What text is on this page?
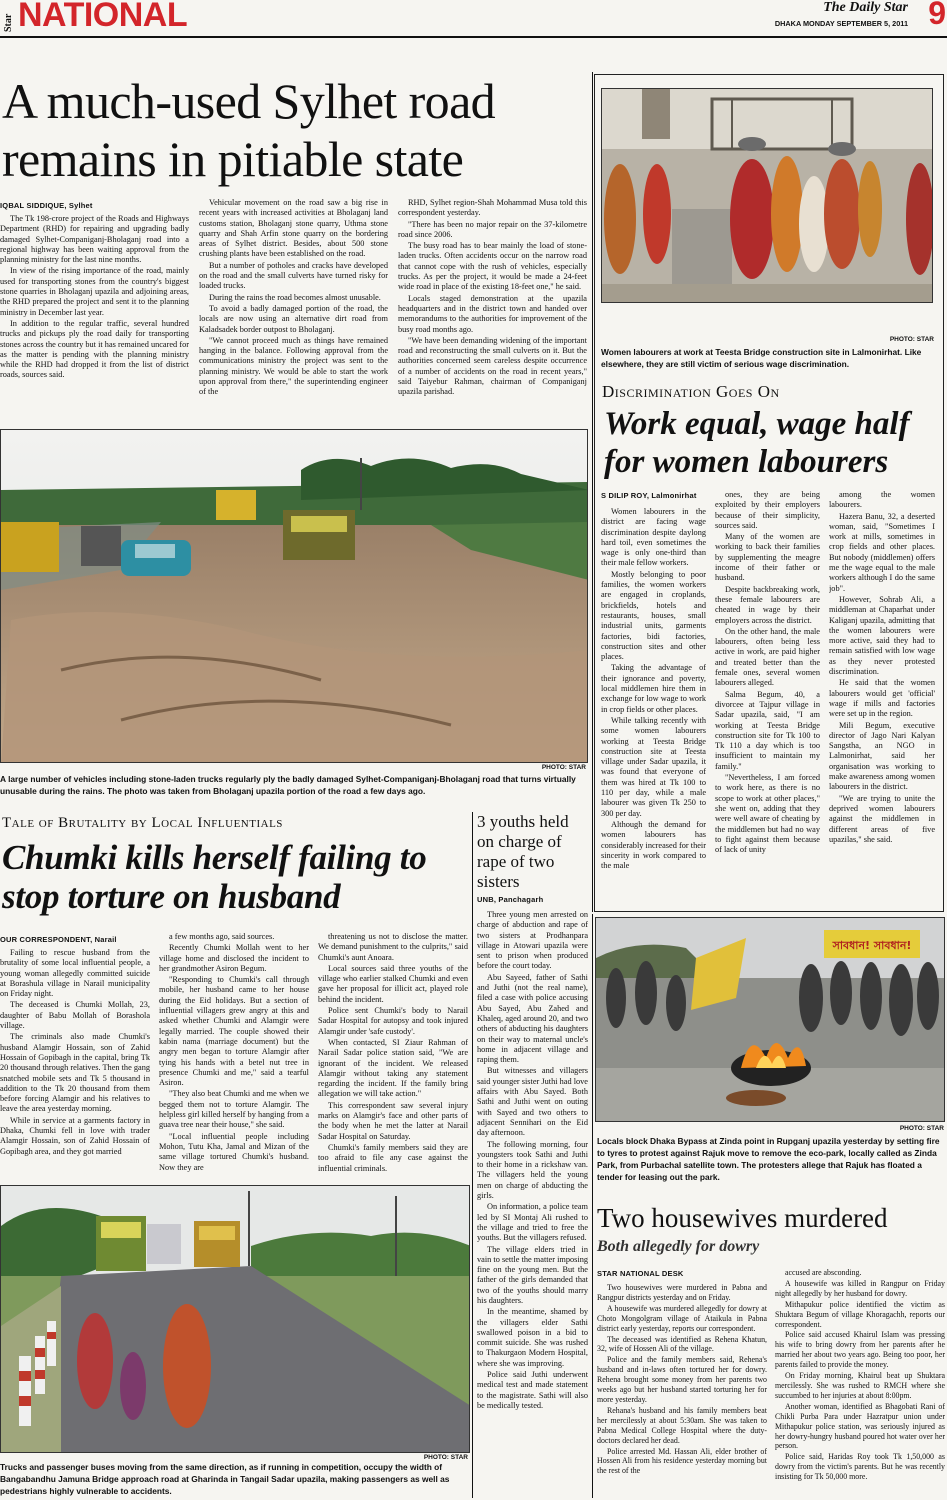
Star NATIONAL	The Daily Star
DHAKA MONDAY SEPTEMBER 5, 2011 9
A much-used Sylhet road remains in pitiable state
IQBAL SIDDIQUE, Sylhet

The Tk 198-crore project of the Roads and Highways Department (RHD) for repairing and upgrading badly damaged Sylhet-Companiganj-Bholaganj road into a regional highway has been waiting approval from the planning ministry for the last nine months.

In view of the rising importance of the road, mainly used for transporting stones from the country's biggest stone quarries in Bholaganj upazila and adjoining areas, the RHD prepared the project and sent it to the planning ministry in December last year.

In addition to the regular traffic, several hundred trucks and pickups ply the road daily for transporting stones across the country but it has remained uncared for as the matter is pending with the planning ministry while the RHD had dropped it from the list of district roads, sources said.

Vehicular movement on the road saw a big rise in recent years with increased activities at Bholaganj land customs station, Bholaganj stone quarry, Uthma stone quarry and Shah Arfin stone quarry on the bordering areas of Sylhet district. Besides, about 500 stone crushing plants have been established on the road.

But a number of potholes and cracks have developed on the road and the small culverts have turned risky for loaded trucks.

During the rains the road becomes almost unusable.

To avoid a badly damaged portion of the road, the locals are now using an alternative dirt road from Kaladsadek border outpost to Bholaganj.

"We cannot proceed much as things have remained hanging in the balance. Following approval from the communications ministry the project was sent to the planning ministry. We would be able to start the work upon approval from there," the superintending engineer of the

RHD, Sylhet region-Shah Mohammad Musa told this correspondent yesterday.

"There has been no major repair on the 37-kilometre road since 2006.

The busy road has to bear mainly the load of stone-laden trucks. Often accidents occur on the narrow road that cannot cope with the rush of vehicles, especially trucks. As per the project, it would be made a 24-feet wide road in place of the existing 18-feet one," he said.

Locals staged demonstration at the upazila headquarters and in the district town and handed over memorandums to the authorities for improvement of the busy road months ago.

"We have been demanding widening of the important road and reconstructing the small culverts on it. But the authorities concerned seem careless despite occurrence of a number of accidents on the road in recent years," said Taiyebur Rahman, chairman of Companiganj upazila parishad.

PHOTO: STAR
A large number of vehicles including stone-laden trucks regularly ply the badly damaged Sylhet-Companiganj-Bholaganj road that turns virtually unusable during the rains. The photo was taken from Bholaganj upazila portion of the road a few days ago.
PHOTO: STAR
Women labourers at work at Teesta Bridge construction site in Lalmonirhat. Like elsewhere, they are still victim of serious wage discrimination.
Discrimination Goes On
Work equal, wage half for women labourers
S DILIP ROY, Lalmonirhat

Women labourers in the district are facing wage discrimination despite daylong hard toil, even sometimes the wage is only one-third than their male fellow workers.

Mostly belonging to poor families, the women workers are engaged in croplands, brickfields, hotels and restaurants, houses, small industrial units, garments factories, bidi factories, construction sites and other places.

Taking the advantage of their ignorance and poverty, local middlemen hire them in exchange for low wage to work in crop fields or other places.

While talking recently with some women labourers working at Teesta Bridge construction site at Teesta village under Sadar upazila, it was found that everyone of them was hired at Tk 100 to 110 per day, while a male labourer was given Tk 250 to 300 per day.

Although the demand for women labourers has considerably increased for their sincerity in work compared to the male

ones, they are being exploited by their employers because of their simplicity, sources said.

Many of the women are working to back their families by supplementing the meagre income of their father or husband.

Despite backbreaking work, these female labourers are cheated in wage by their employers across the district.

On the other hand, the male labourers, often being less active in work, are paid higher and treated better than the female ones, several women labourers alleged.

Salma Begum, 40, a divorcee at Tajpur village in Sadar upazila, said, "I am working at Teesta Bridge construction site for Tk 100 to Tk 110 a day which is too insufficient to maintain my family."

"Nevertheless, I am forced to work here, as there is no scope to work at other places," she went on, adding that they were well aware of cheating by the middlemen but had no way to fight against them because of lack of unity

among the women labourers.

Hazera Banu, 32, a deserted woman, said, "Sometimes I work at mills, sometimes in crop fields and other places. But nobody (middlemen) offers me the wage equal to the male workers although I do the same job".

However, Sohrab Ali, a middleman at Chaparhat under Kaliganj upazila, admitting that the women labourers were more active, said they had to remain satisfied with low wage as they never protested discrimination.

He said that the women labourers would get 'official' wage if mills and factories were set up in the region.

Mili Begum, executive director of Jago Nari Kalyan Sangstha, an NGO in Lalmonirhat, said her organisation was working to make awareness among women labourers in the district.

"We are trying to unite the deprived women labourers against the middlemen in different areas of five upazilas," she said.

Tale of Brutality by Local Influentials
Chumki kills herself failing to stop torture on husband
OUR CORRESPONDENT, Narail

Failing to rescue husband from the brutality of some local influential people, a young woman allegedly committed suicide at Borashula village in Narail municipality on Friday night.

The deceased is Chumki Mollah, 23, daughter of Babu Mollah of Borashola village.

The criminals also made Chumki's husband Alamgir Hossain, son of Zahid Hossain of Gopibagh in the capital, bring Tk 20 thousand through relatives. Then the gang snatched mobile sets and Tk 5 thousand in addition to the Tk 20 thousand from them before forcing Alamgir and his relatives to leave the area yesterday morning.

While in service at a garments factory in Dhaka, Chumki fell in love with trader Alamgir Hossain, son of Zahid Hossain of Gopibagh area, and they got married

a few months ago, said sources.

Recently Chumki Mollah went to her village home and disclosed the incident to her grandmother Asiron Begum.

"Responding to Chumki's call through mobile, her husband came to her house during the Eid holidays. But a section of influential villagers grew angry at this and asked whether Chumki and Alamgir were legally married. The couple showed their kabin nama (marriage document) but the angry men began to torture Alamgir after tying his hands with a betel nut tree in presence Chumki and me," said a tearful Asiron.

"They also beat Chumki and me when we begged them not to torture Alamgir. The helpless girl killed herself by hanging from a guava tree near their house," she said.

"Local influential people including Mohon, Tutu Kha, Jamal and Mizan of the same village tortured Chumki's husband. Now they are

threatening us not to disclose the matter. We demand punishment to the culprits," said Chumki's aunt Anoara.

Local sources said three youths of the village who earlier stalked Chumki and even gave her proposal for illicit act, played role behind the incident.

Police sent Chumki's body to Narail Sadar Hospital for autopsy and took injured Alamgir under 'safe custody'.

When contacted, SI Ziaur Rahman of Narail Sadar police station said, "We are ignorant of the incident. We released Alamgir without taking any statement regarding the incident. If the family bring allegation we will take action."

This correspondent saw several injury marks on Alamgir's face and other parts of the body when he met the latter at Narail Sadar Hospital on Saturday.

Chumki's family members said they are too afraid to file any case against the influential criminals.

3 youths held on charge of rape of two sisters
UNB, Panchagarh

Three young men arrested on charge of abduction and rape of two sisters at Prodhanpara village in Atowari upazila were sent to prison when produced before the court today.

Abu Sayeed, father of Sathi and Juthi (not the real name), filed a case with police accusing Abu Sayed, Abu Zahed and Khaleq, aged around 20, and two others of abducting his daughters on their way to maternal uncle's home in adjacent village and raping them.

But witnesses and villagers said younger sister Juthi had love affairs with Abu Sayed. Both Sathi and Juthi went on outing with Sayed and two others to adjacent Sennihari on the Eid day afternoon.

The following morning, four youngsters took Sathi and Juthi to their home in a rickshaw van. The villagers held the young men on charge of abducting the girls.

On information, a police team led by SI Montaj Ali rushed to the village and tried to free the youths. But the villagers refused.

The village elders tried in vain to settle the matter imposing fine on the young men. But the father of the girls demanded that two of the youths should marry his daughters.

In the meantime, shamed by the villagers elder Sathi swallowed poison in a bid to commit suicide. She was rushed to Thakurgaon Modern Hospital, where she was improving.

Police said Juthi underwent medical test and made statement to the magistrate. Sathi will also be medically tested.

PHOTO: STAR
Trucks and passenger buses moving from the same direction, as if running in competition, occupy the width of Bangabandhu Jamuna Bridge approach road at Gharinda in Tangail Sadar upazila, making passengers as well as pedestrians highly vulnerable to accidents.
সাবধান! সাবধান!
PHOTO: STAR
Locals block Dhaka Bypass at Zinda point in Rupganj upazila yesterday by setting fire to tyres to protest against Rajuk move to remove the eco-park, locally called as Zinda Park, from Purbachal satellite town. The protesters allege that Rajuk has floated a tender for leasing out the park.
Two housewives murdered
Both allegedly for dowry
STAR NATIONAL DESK

Two housewives were murdered in Pabna and Rangpur districts yesterday and on Friday.

A housewife was murdered allegedly for dowry at Choto Mongolgram village of Ataikula in Pabna district early yesterday, reports our correspondent.

The deceased was identified as Rehena Khatun, 32, wife of Hossen Ali of the village.

Police and the family members said, Rehena's husband and in-laws often tortured her for dowry. Rehena brought some money from her parents two weeks ago but her husband started torturing her for more yesterday.

Rehana's husband and his family members beat her mercilessly at about 5:30am. She was taken to Pabna Medical College Hospital where the duty-doctors declared her dead.

Police arrested Md. Hassan Ali, elder brother of Hossen Ali from his residence yesterday morning but the rest of the

accused are absconding.

A housewife was killed in Rangpur on Friday night allegedly by her husband for dowry.

Mithapukur police identified the victim as Shuktara Begum of village Khoragachh, reports our correspondent.

Police said accused Khairul Islam was pressing his wife to bring dowry from her parents after he married her about two years ago. Being too poor, her parents failed to provide the money.

On Friday morning, Khairul beat up Shuktara mercilessly. She was rushed to RMCH where she succumbed to her injuries at about 8:00pm.

Another woman, identified as Bhagobati Rani of Chikli Purba Para under Hazratpur union under Mithapukur police station, was seriously injured as her dowry-hungry husband poured hot water over her person.

Police said, Haridas Roy took Tk 1,50,000 as dowry from the victim's parents. But he was recently insisting for Tk 50,000 more.
